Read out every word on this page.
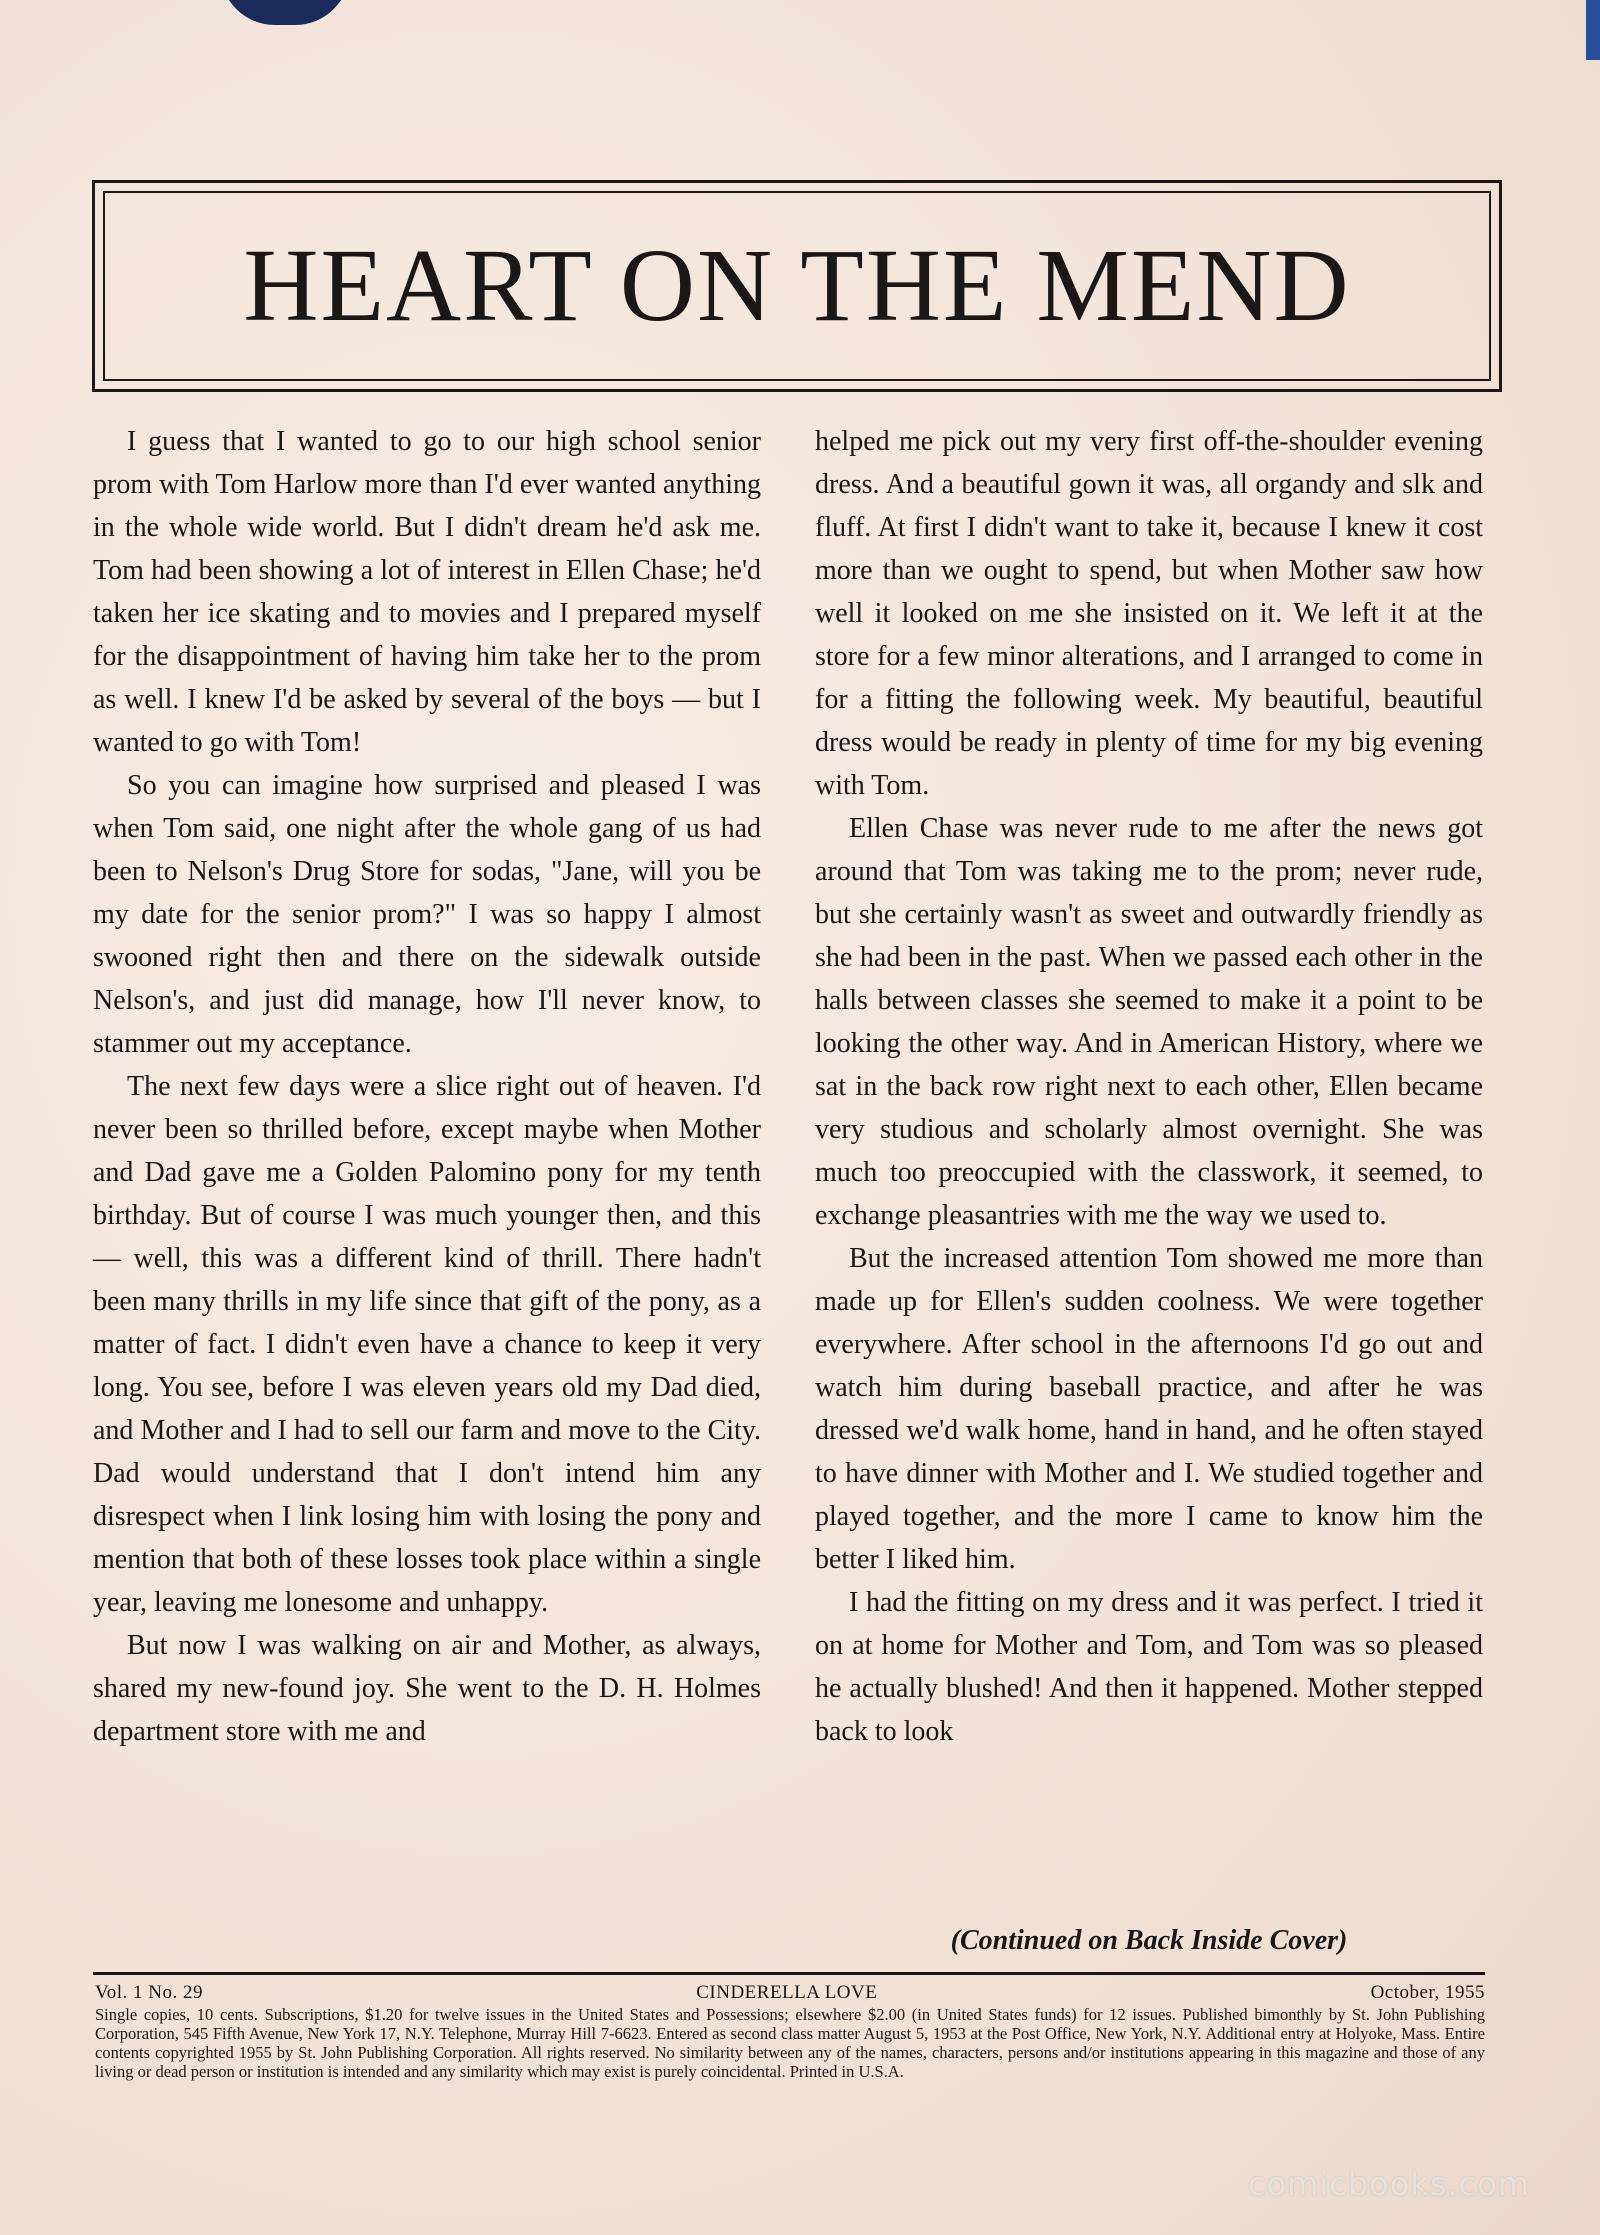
HEART ON THE MEND

I guess that I wanted to go to our high school senior prom with Tom Harlow more than I'd ever wanted anything in the whole wide world. But I didn't dream he'd ask me. Tom had been showing a lot of interest in Ellen Chase; he'd taken her ice skating and to movies and I prepared myself for the disappointment of having him take her to the prom as well. I knew I'd be asked by several of the boys — but I wanted to go with Tom!

So you can imagine how surprised and pleased I was when Tom said, one night after the whole gang of us had been to Nelson's Drug Store for sodas, "Jane, will you be my date for the senior prom?" I was so happy I almost swooned right then and there on the sidewalk outside Nelson's, and just did manage, how I'll never know, to stammer out my acceptance.

The next few days were a slice right out of heaven. I'd never been so thrilled before, except maybe when Mother and Dad gave me a Golden Palomino pony for my tenth birthday. But of course I was much younger then, and this — well, this was a different kind of thrill. There hadn't been many thrills in my life since that gift of the pony, as a matter of fact. I didn't even have a chance to keep it very long. You see, before I was eleven years old my Dad died, and Mother and I had to sell our farm and move to the City. Dad would understand that I don't intend him any disrespect when I link losing him with losing the pony and mention that both of these losses took place within a single year, leaving me lonesome and unhappy.

But now I was walking on air and Mother, as always, shared my new-found joy. She went to the D. H. Holmes department store with me and

helped me pick out my very first off-the-shoulder evening dress. And a beautiful gown it was, all organdy and slk and fluff. At first I didn't want to take it, because I knew it cost more than we ought to spend, but when Mother saw how well it looked on me she insisted on it. We left it at the store for a few minor alterations, and I arranged to come in for a fitting the following week. My beautiful, beautiful dress would be ready in plenty of time for my big evening with Tom.

Ellen Chase was never rude to me after the news got around that Tom was taking me to the prom; never rude, but she certainly wasn't as sweet and outwardly friendly as she had been in the past. When we passed each other in the halls between classes she seemed to make it a point to be looking the other way. And in American History, where we sat in the back row right next to each other, Ellen became very studious and scholarly almost overnight. She was much too preoccupied with the classwork, it seemed, to exchange pleasantries with me the way we used to.

But the increased attention Tom showed me more than made up for Ellen's sudden coolness. We were together everywhere. After school in the afternoons I'd go out and watch him during baseball practice, and after he was dressed we'd walk home, hand in hand, and he often stayed to have dinner with Mother and I. We studied together and played together, and the more I came to know him the better I liked him.

I had the fitting on my dress and it was perfect. I tried it on at home for Mother and Tom, and Tom was so pleased he actually blushed! And then it happened. Mother stepped back to look

(Continued on Back Inside Cover)
Vol. 1 No. 29	CINDERELLA LOVE	October, 1955
Single copies, 10 cents. Subscriptions, $1.20 for twelve issues in the United States and Possessions; elsewhere $2.00 (in United States funds) for 12 issues. Published bimonthly by St. John Publishing Corporation, 545 Fifth Avenue, New York 17, N.Y. Telephone, Murray Hill 7-6623. Entered as second class matter August 5, 1953 at the Post Office, New York, N.Y. Additional entry at Holyoke, Mass. Entire contents copyrighted 1955 by St. John Publishing Corporation. All rights reserved. No similarity between any of the names, characters, persons and/or institutions appearing in this magazine and those of any living or dead person or institution is intended and any similarity which may exist is purely coincidental. Printed in U.S.A.
comicbooks.com
